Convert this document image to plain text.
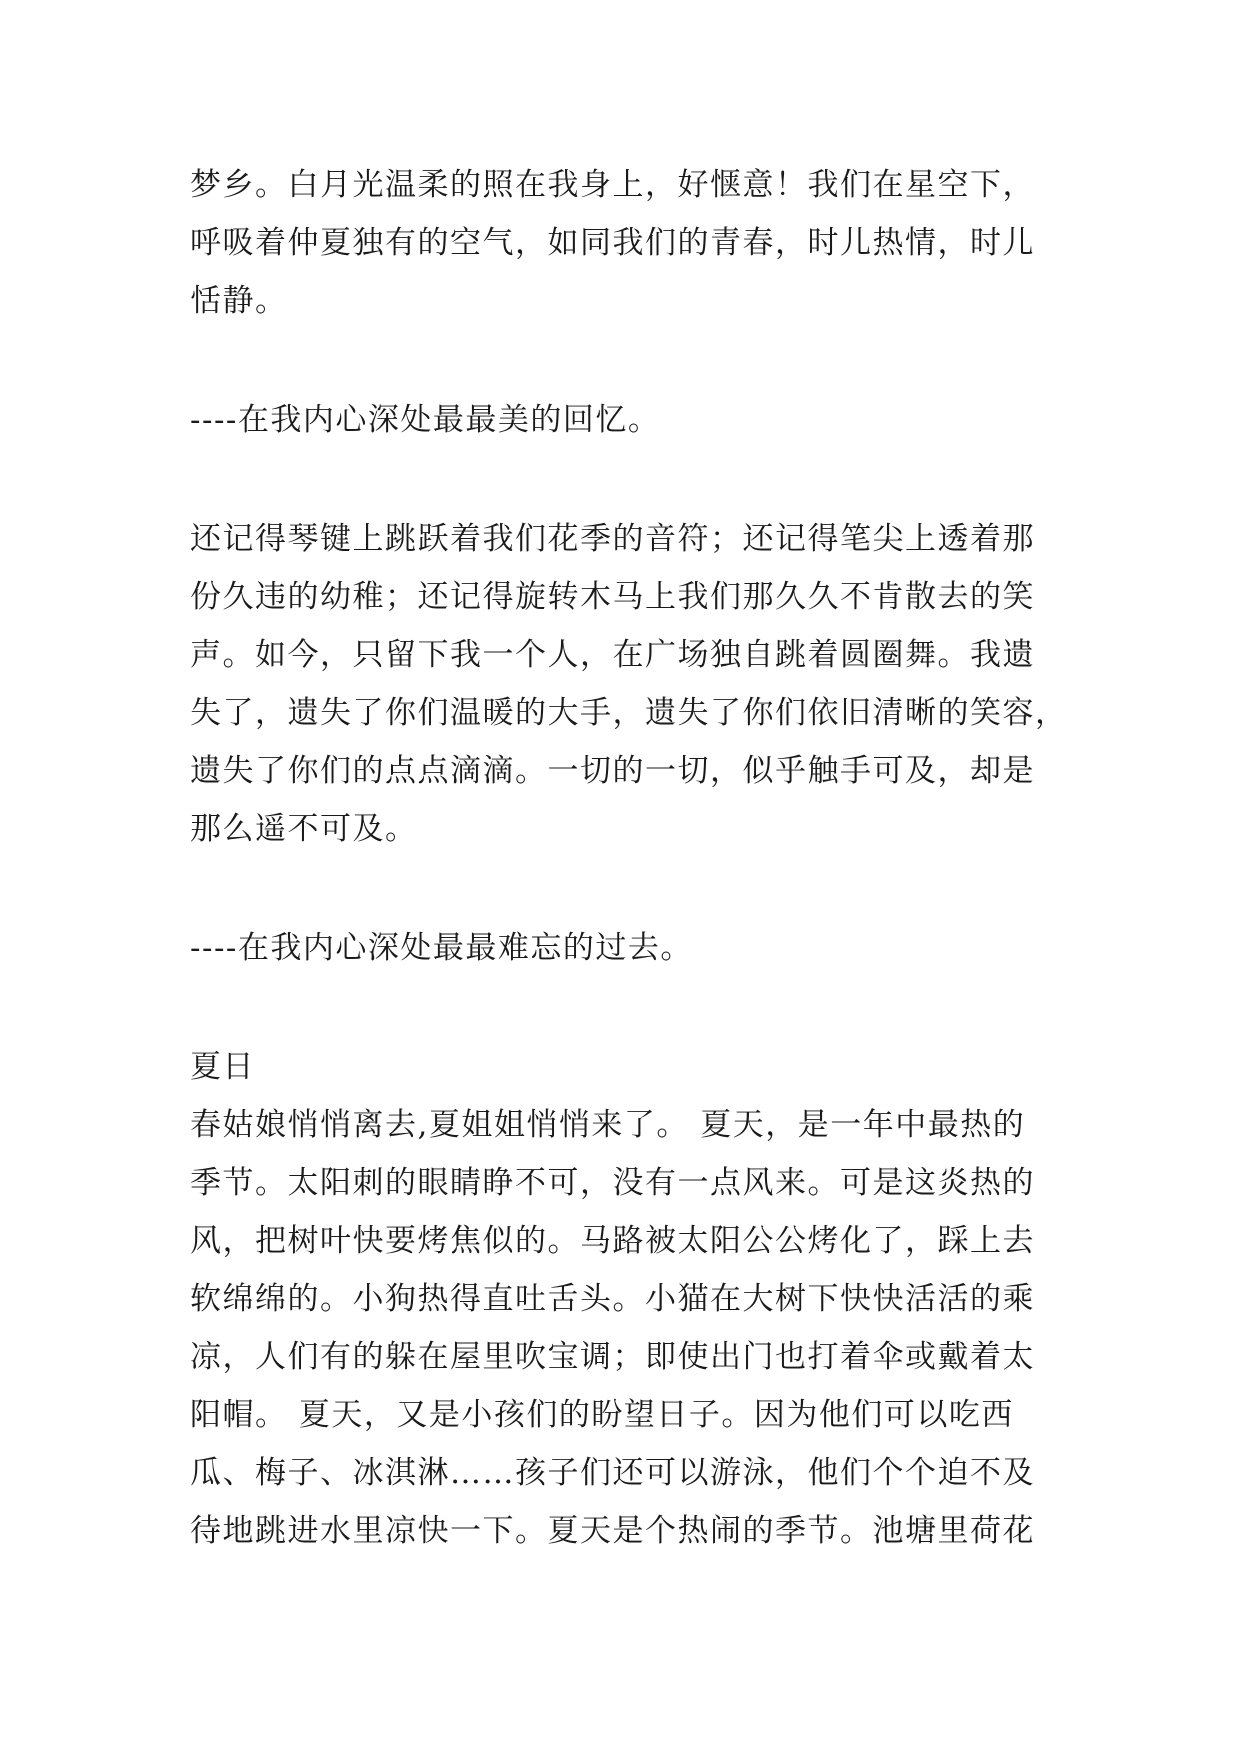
梦乡。白月光温柔的照在我身上，好惬意！我们在星空下，
呼吸着仲夏独有的空气，如同我们的青春，时儿热情，时儿
恬静。
----在我内心深处最最美的回忆。
还记得琴键上跳跃着我们花季的音符；还记得笔尖上透着那
份久违的幼稚；还记得旋转木马上我们那久久不肯散去的笑
声。如今，只留下我一个人，在广场独自跳着圆圈舞。我遗
失了，遗失了你们温暖的大手，遗失了你们依旧清晰的笑容，
遗失了你们的点点滴滴。一切的一切，似乎触手可及，却是
那么遥不可及。
----在我内心深处最最难忘的过去。
夏日
春姑娘悄悄离去,夏姐姐悄悄来了。 夏天，是一年中最热的
季节。太阳刺的眼睛睁不可，没有一点风来。可是这炎热的
风，把树叶快要烤焦似的。马路被太阳公公烤化了，踩上去
软绵绵的。小狗热得直吐舌头。小猫在大树下快快活活的乘
凉，人们有的躲在屋里吹宝调；即使出门也打着伞或戴着太
阳帽。 夏天，又是小孩们的盼望日子。因为他们可以吃西
瓜、梅子、冰淇淋……孩子们还可以游泳，他们个个迫不及
待地跳进水里凉快一下。夏天是个热闹的季节。池塘里荷花
